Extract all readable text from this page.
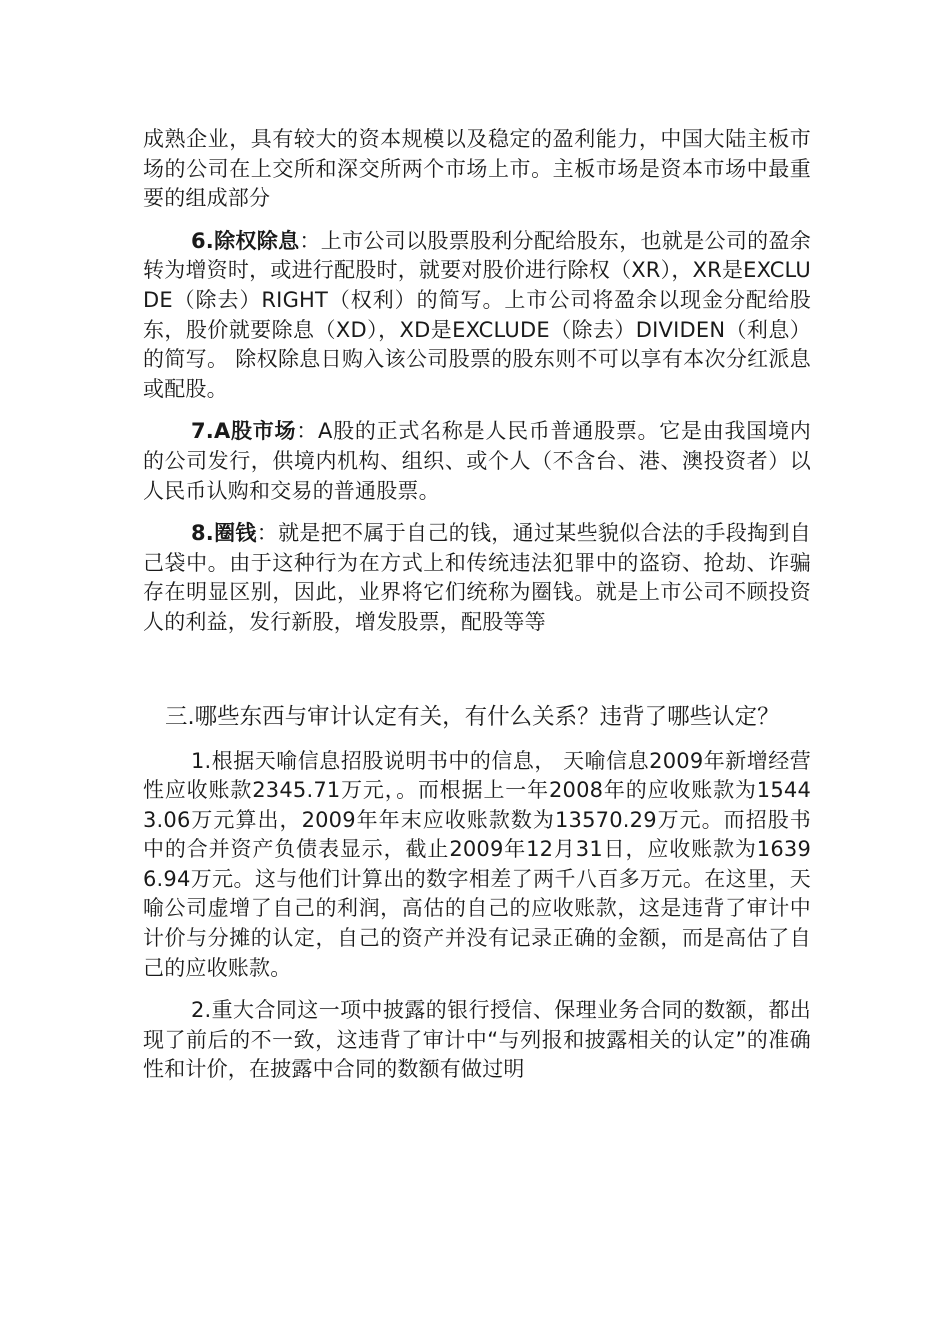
成熟企业，具有较大的资本规模以及稳定的盈利能力，中国大陆主板市场的公司在上交所和深交所两个市场上市。主板市场是资本市场中最重要的组成部分

6.除权除息：上市公司以股票股利分配给股东，也就是公司的盈余转为增资时，或进行配股时，就要对股价进行除权（XR），XR是EXCLUDE（除去）RIGHT（权利）的简写。上市公司将盈余以现金分配给股东，股价就要除息（XD），XD是EXCLUDE（除去）DIVIDEN（利息）的简写。 除权除息日购入该公司股票的股东则不可以享有本次分红派息或配股。

7.A股市场：A股的正式名称是人民币普通股票。它是由我国境内的公司发行，供境内机构、组织、或个人（不含台、港、澳投资者）以人民币认购和交易的普通股票。

8.圈钱：就是把不属于自己的钱，通过某些貌似合法的手段掏到自己袋中。由于这种行为在方式上和传统违法犯罪中的盗窃、抢劫、诈骗存在明显区别，因此，业界将它们统称为圈钱。就是上市公司不顾投资人的利益，发行新股，增发股票，配股等等

三.哪些东西与审计认定有关，有什么关系？违背了哪些认定？

1.根据天喻信息招股说明书中的信息， 天喻信息2009年新增经营性应收账款2345.71万元，。而根据上一年2008年的应收账款为15443.06万元算出，2009年年末应收账款数为13570.29万元。而招股书中的合并资产负债表显示，截止2009年12月31日，应收账款为16396.94万元。这与他们计算出的数字相差了两千八百多万元。在这里，天喻公司虚增了自己的利润，高估的自己的应收账款，这是违背了审计中计价与分摊的认定，自己的资产并没有记录正确的金额，而是高估了自己的应收账款。

2.重大合同这一项中披露的银行授信、保理业务合同的数额，都出现了前后的不一致，这违背了审计中“与列报和披露相关的认定”的准确性和计价，在披露中合同的数额有做过明
